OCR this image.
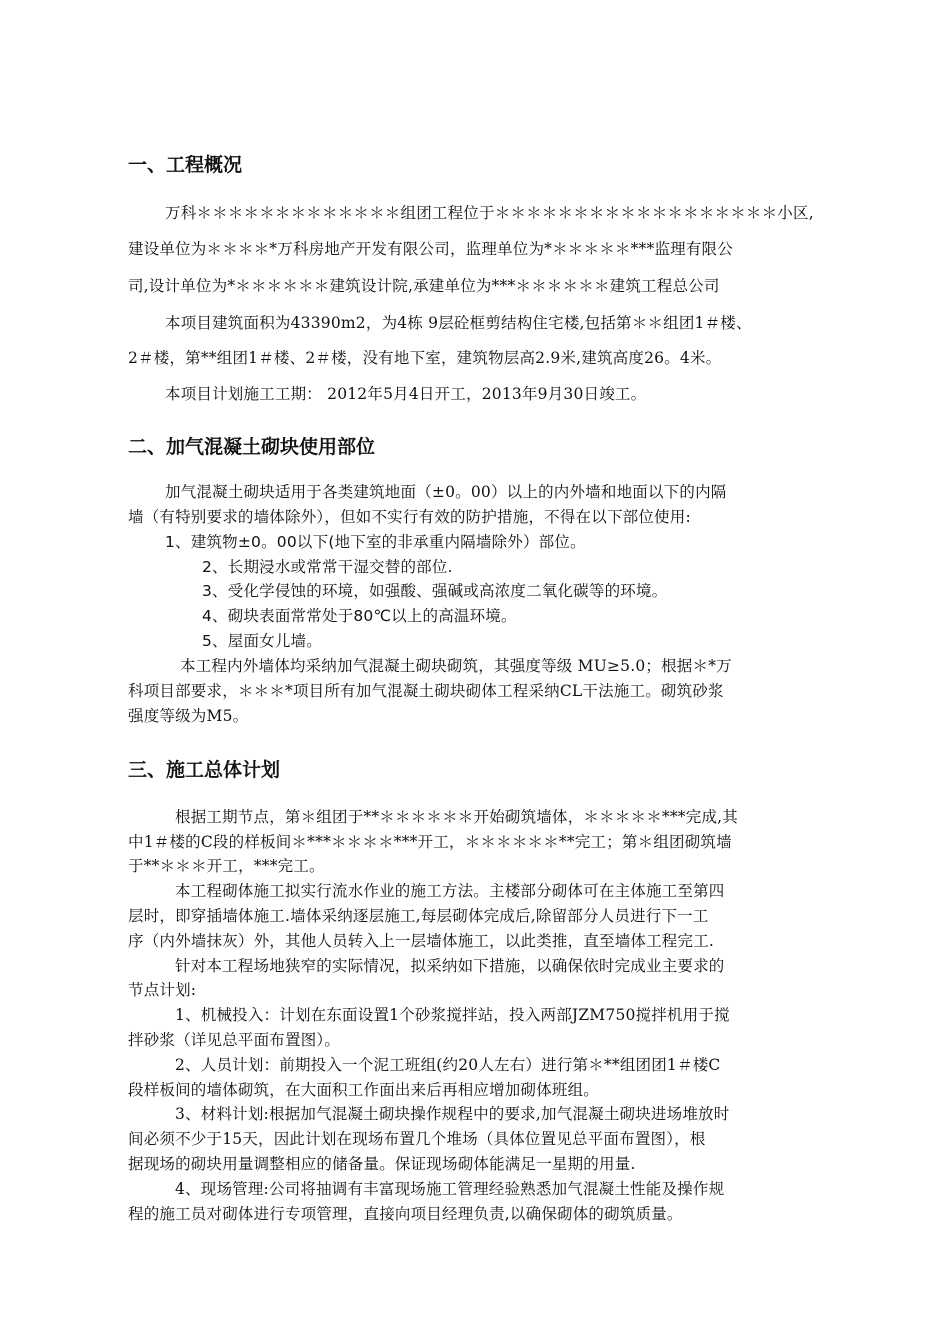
一、工程概况
万科＊＊＊＊＊＊＊＊＊＊＊＊＊组团工程位于＊＊＊＊＊＊＊＊＊＊＊＊＊＊＊＊＊＊小区,
建设单位为＊＊＊＊*万科房地产开发有限公司，监理单位为*＊＊＊＊＊***监理有限公
司,设计单位为*＊＊＊＊＊＊建筑设计院,承建单位为***＊＊＊＊＊＊建筑工程总公司
本项目建筑面积为43390m2，为4栋 9层砼框剪结构住宅楼,包括第＊＊组团1＃楼、
2＃楼，第**组团1＃楼、2＃楼，没有地下室，建筑物层高2.9米,建筑高度26。4米。
本项目计划施工工期： 2012年5月4日开工，2013年9月30日竣工。
二、加气混凝土砌块使用部位
加气混凝土砌块适用于各类建筑地面（±0。00）以上的内外墙和地面以下的内隔
墙（有特别要求的墙体除外），但如不实行有效的防护措施，不得在以下部位使用:
1、建筑物±0。00以下(地下室的非承重内隔墙除外）部位。
2、长期浸水或常常干湿交替的部位.
3、受化学侵蚀的环境，如强酸、强碱或高浓度二氧化碳等的环境。
4、砌块表面常常处于80℃以上的高温环境。
5、屋面女儿墙。
本工程内外墙体均采纳加气混凝土砌块砌筑，其强度等级 MU≥5.0；根据＊*万
科项目部要求，＊＊＊*项目所有加气混凝土砌块砌体工程采纳CL干法施工。砌筑砂浆
强度等级为M5。
三、施工总体计划
根据工期节点，第＊组团于**＊＊＊＊＊＊开始砌筑墙体，＊＊＊＊＊***完成,其
中1＃楼的C段的样板间＊***＊＊＊＊***开工，＊＊＊＊＊＊**完工；第＊组团砌筑墙
于**＊＊＊开工，***完工。
本工程砌体施工拟实行流水作业的施工方法。主楼部分砌体可在主体施工至第四
层时，即穿插墙体施工.墙体采纳逐层施工,每层砌体完成后,除留部分人员进行下一工
序（内外墙抹灰）外，其他人员转入上一层墙体施工，以此类推，直至墙体工程完工.
针对本工程场地狭窄的实际情况，拟采纳如下措施，以确保依时完成业主要求的
节点计划:
1、机械投入：计划在东面设置1个砂浆搅拌站，投入两部JZM750搅拌机用于搅
拌砂浆（详见总平面布置图）。
2、人员计划：前期投入一个泥工班组(约20人左右）进行第＊**组团团1＃楼C
段样板间的墙体砌筑，在大面积工作面出来后再相应增加砌体班组。
3、材料计划:根据加气混凝土砌块操作规程中的要求,加气混凝土砌块进场堆放时
间必须不少于15天，因此计划在现场布置几个堆场（具体位置见总平面布置图），根
据现场的砌块用量调整相应的储备量。保证现场砌体能满足一星期的用量.
4、现场管理:公司将抽调有丰富现场施工管理经验熟悉加气混凝土性能及操作规
程的施工员对砌体进行专项管理，直接向项目经理负责,以确保砌体的砌筑质量。
